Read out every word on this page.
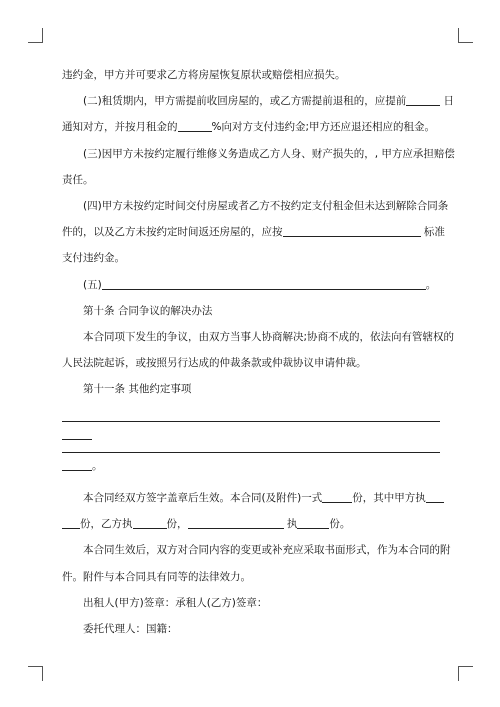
违约金，甲方并可要求乙方将房屋恢复原状或赔偿相应损失。

(二)租赁期内，甲方需提前收回房屋的，或乙方需提前退租的，应提前	日

通知对方，并按月租金的	%向对方支付违约金;甲方还应退还相应的租金。

(三)因甲方未按约定履行维修义务造成乙方人身、财产损失的，, 甲方应承担赔偿

责任。

(四)甲方未按约定时间交付房屋或者乙方不按约定支付租金但未达到解除合同条

件的，以及乙方未按约定时间返还房屋的，应按	标准

支付违约金。

(五)	。

第十条 合同争议的解决办法

本合同项下发生的争议，由双方当事人协商解决;协商不成的，依法向有管辖权的

人民法院起诉，或按照另行达成的仲裁条款或仲裁协议申请仲裁。

第十一条 其他约定事项

。

本合同经双方签字盖章后生效。本合同(及附件)一式	份，其中甲方执

份，乙方执	份，	执	份。

本合同生效后，双方对合同内容的变更或补充应采取书面形式，作为本合同的附

件。附件与本合同具有同等的法律效力。

出租人(甲方)签章：承租人(乙方)签章：

委托代理人：国籍：
